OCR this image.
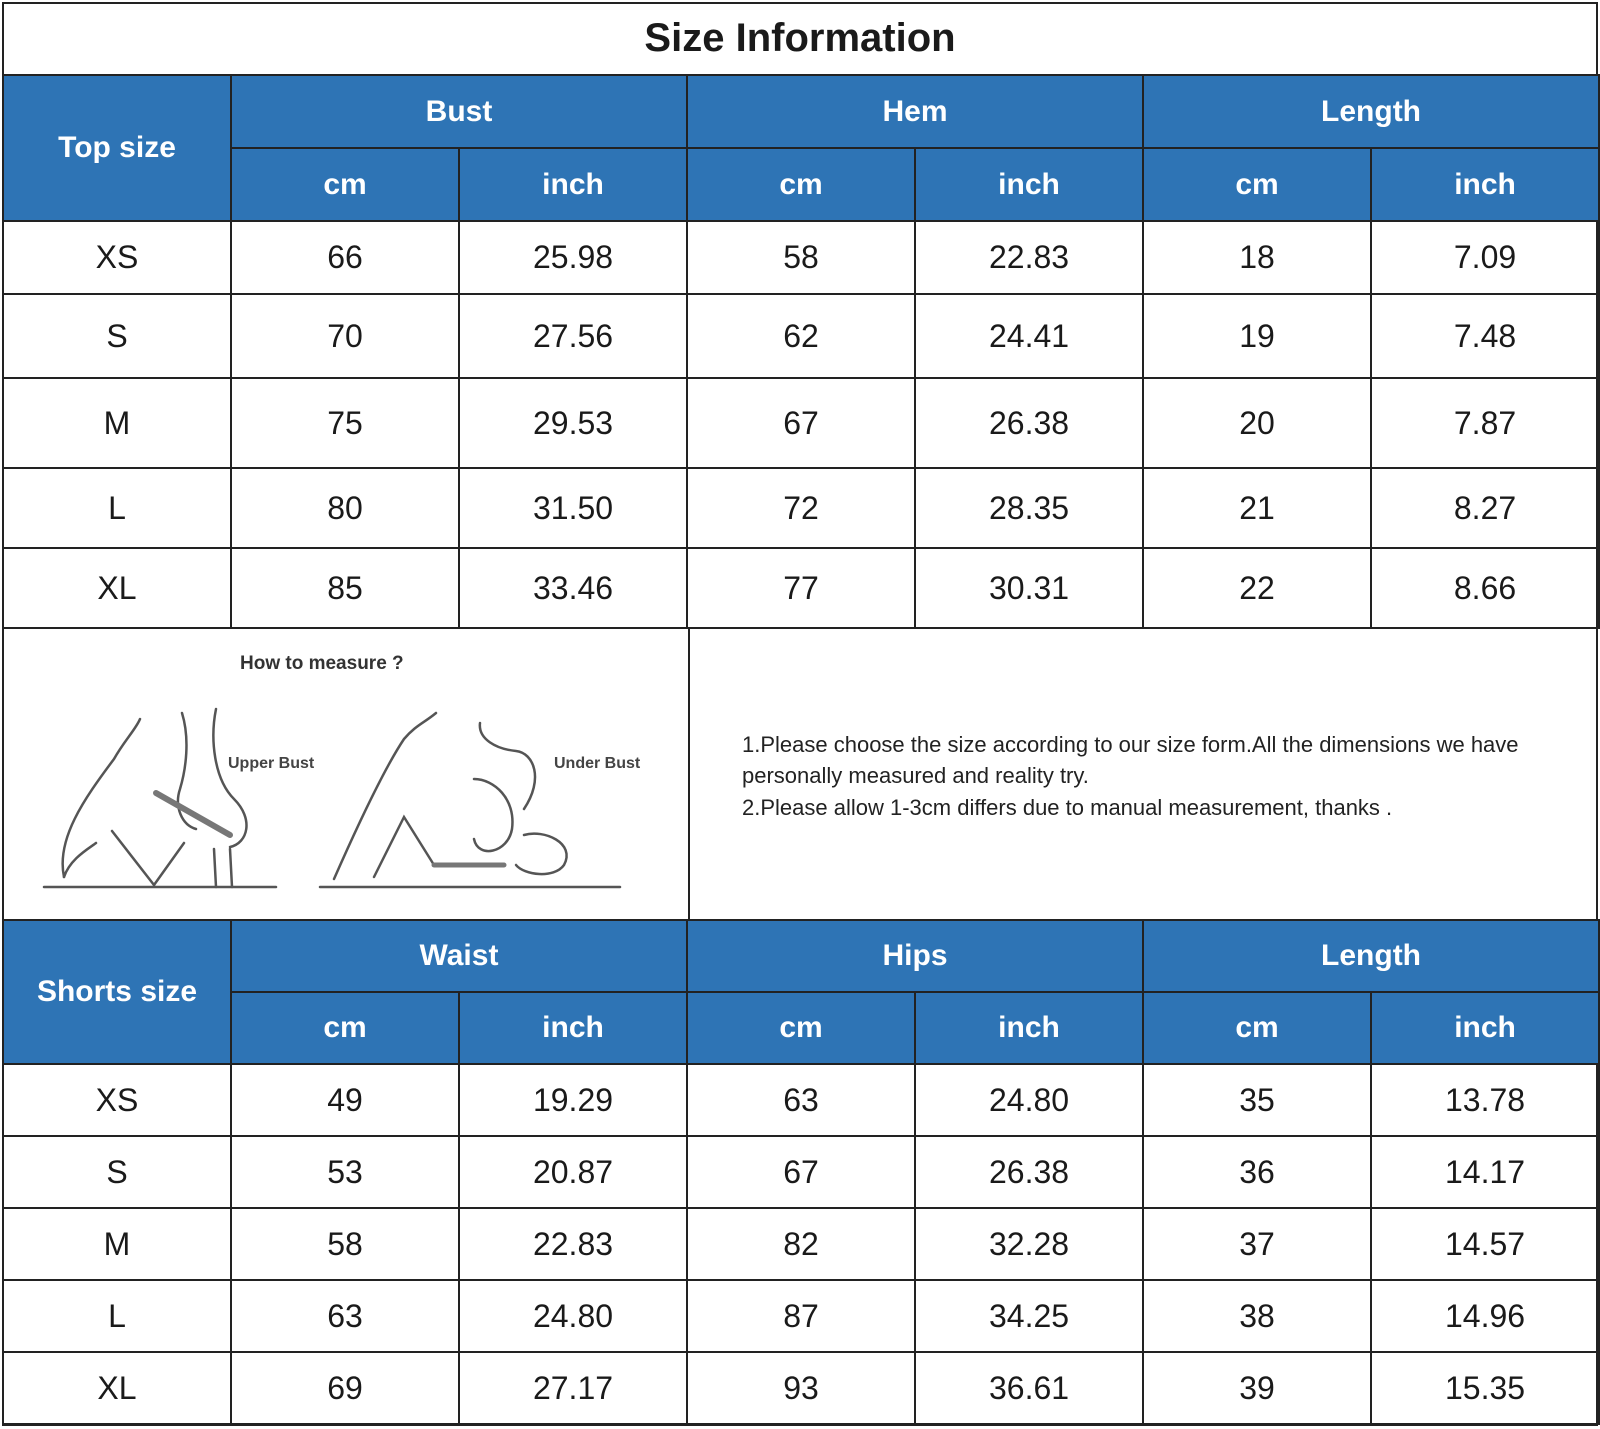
Size Information
Top size	Bust		Hem		Length	
	cm	inch	cm	inch	cm	inch
XS	66	25.98	58	22.83	18	7.09
S	70	27.56	62	24.41	19	7.48
M	75	29.53	67	26.38	20	7.87
L	80	31.50	72	28.35	21	8.27
XL	85	33.46	77	30.31	22	8.66
How to measure ?
Upper Bust	Under Bust

1.Please choose the size according to our size form.All the dimensions we have personally measured and reality try.

2.Please allow 1-3cm differs due to manual measurement, thanks .

Shorts size	Waist		Hips		Length	
	cm	inch	cm	inch	cm	inch
XS	49	19.29	63	24.80	35	13.78
S	53	20.87	67	26.38	36	14.17
M	58	22.83	82	32.28	37	14.57
L	63	24.80	87	34.25	38	14.96
XL	69	27.17	93	36.61	39	15.35
